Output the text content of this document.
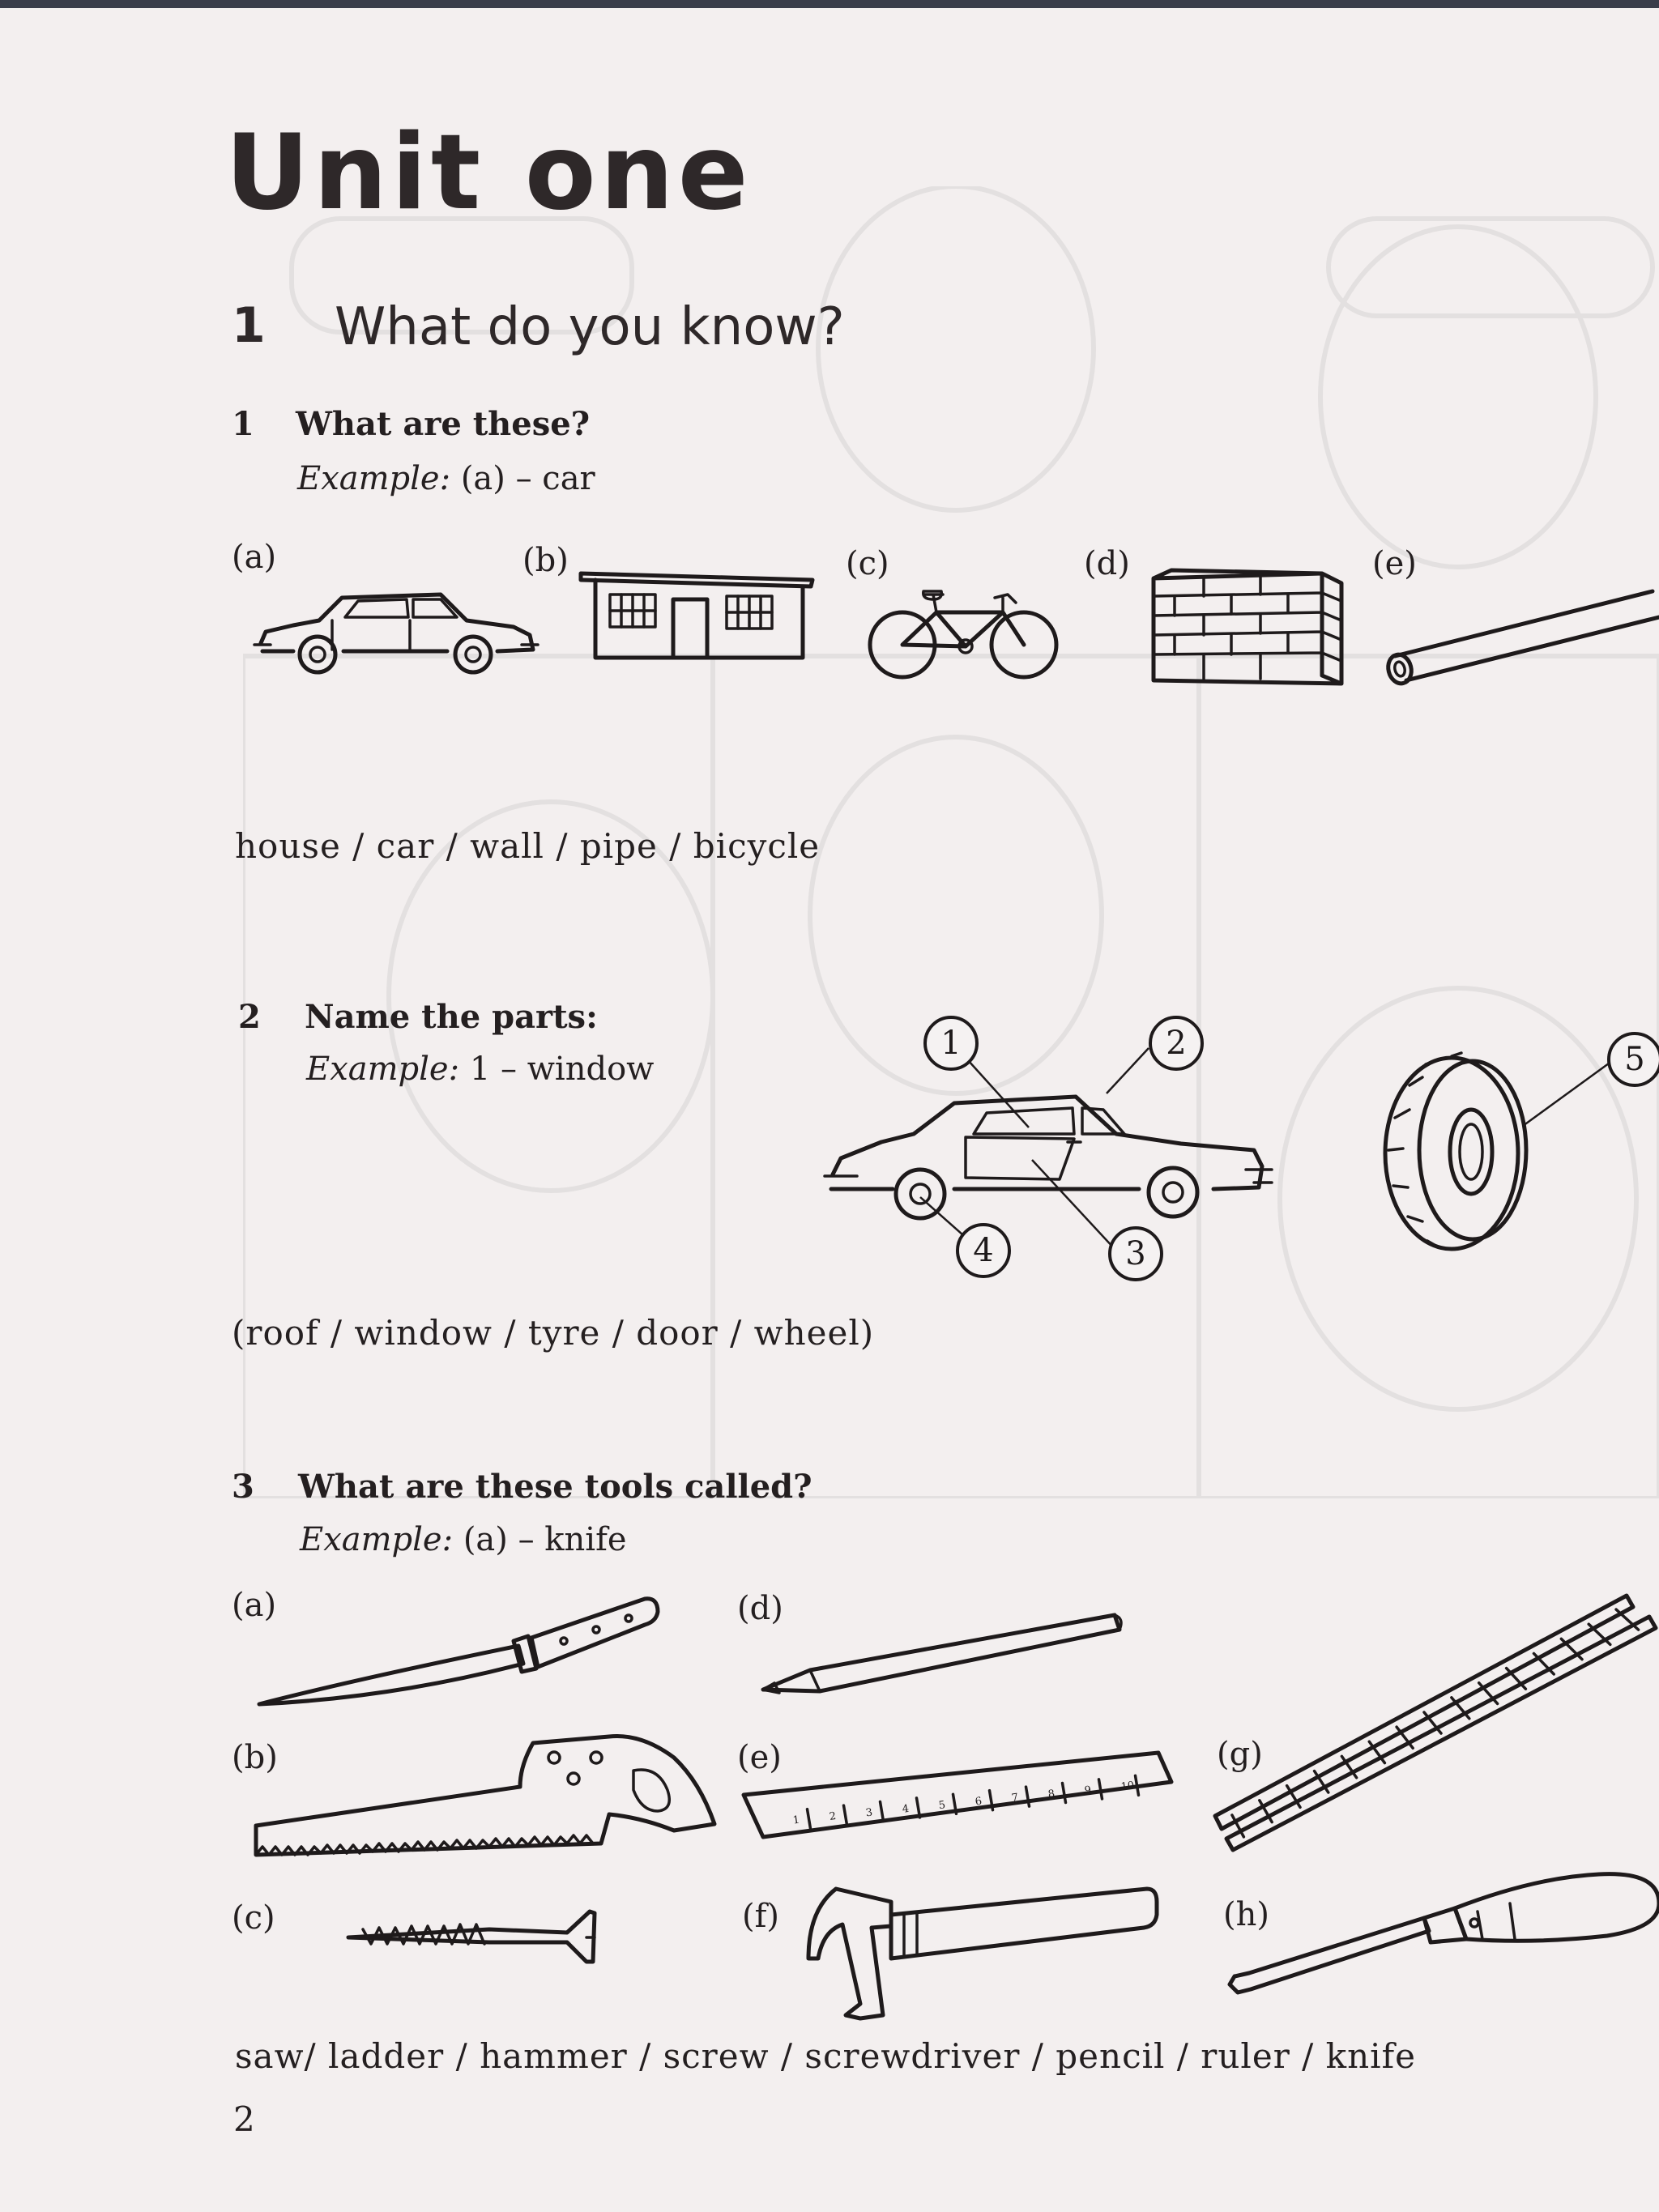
Unit one
1 What do you know?
1 What are these?
Example: (a) – car
(a)	(b)	(c)	(d)	(e)
house / car / wall / pipe / bicycle
2 Name the parts:
Example: 1 – window
1	2
3
4
5
(roof / window / tyre / door / wheel)
3 What are these tools called?
Example: (a) – knife
(a)
(b)
(c)
(d)
(e)
(f)
(g)
(h)
1	2	3	4	5	6	7	8	9	10
saw/ ladder / hammer / screw / screwdriver / pencil / ruler / knife
2
